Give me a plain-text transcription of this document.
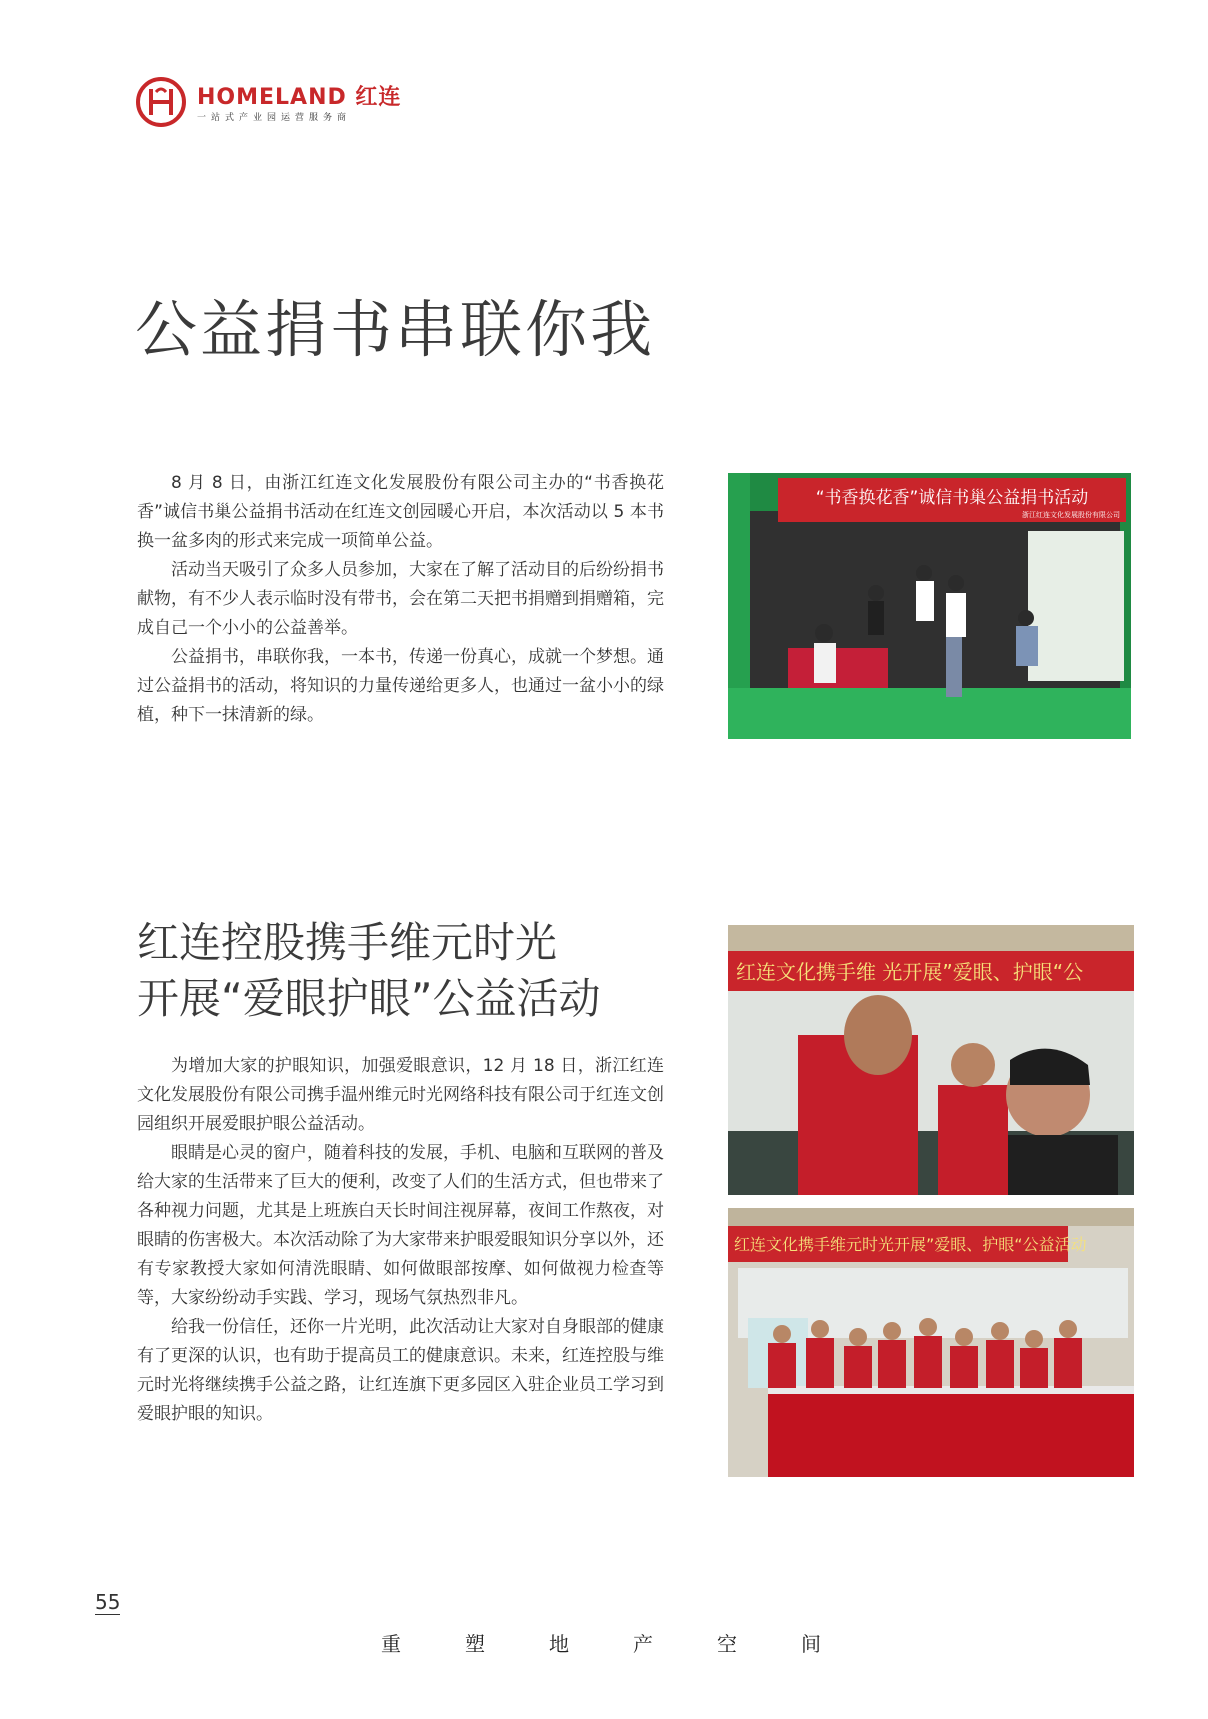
HOMELAND 红连
一站式产业园运营服务商
公益捐书串联你我

8 月 8 日，由浙江红连文化发展股份有限公司主办的“书香换花香”诚信书巢公益捐书活动在红连文创园暖心开启，本次活动以 5 本书换一盆多肉的形式来完成一项简单公益。

活动当天吸引了众多人员参加，大家在了解了活动目的后纷纷捐书献物，有不少人表示临时没有带书，会在第二天把书捐赠到捐赠箱，完成自己一个小小的公益善举。

公益捐书，串联你我，一本书，传递一份真心，成就一个梦想。通过公益捐书的活动，将知识的力量传递给更多人，也通过一盆小小的绿植，种下一抹清新的绿。

“书香换花香”诚信书巢公益捐书活动
浙江红连文化发展股份有限公司
红连控股携手维元时光
开展“爱眼护眼”公益活动

为增加大家的护眼知识，加强爱眼意识，12 月 18 日，浙江红连文化发展股份有限公司携手温州维元时光网络科技有限公司于红连文创园组织开展爱眼护眼公益活动。

眼睛是心灵的窗户，随着科技的发展，手机、电脑和互联网的普及给大家的生活带来了巨大的便利，改变了人们的生活方式，但也带来了各种视力问题，尤其是上班族白天长时间注视屏幕，夜间工作熬夜，对眼睛的伤害极大。本次活动除了为大家带来护眼爱眼知识分享以外，还有专家教授大家如何清洗眼睛、如何做眼部按摩、如何做视力检查等等，大家纷纷动手实践、学习，现场气氛热烈非凡。

给我一份信任，还你一片光明，此次活动让大家对自身眼部的健康有了更深的认识，也有助于提高员工的健康意识。未来，红连控股与维元时光将继续携手公益之路，让红连旗下更多园区入驻企业员工学习到爱眼护眼的知识。

红连文化携手维 光开展”爱眼、护眼“公
红连文化携手维元时光开展”爱眼、护眼“公益活动
55
重	塑	地	产	空	间
